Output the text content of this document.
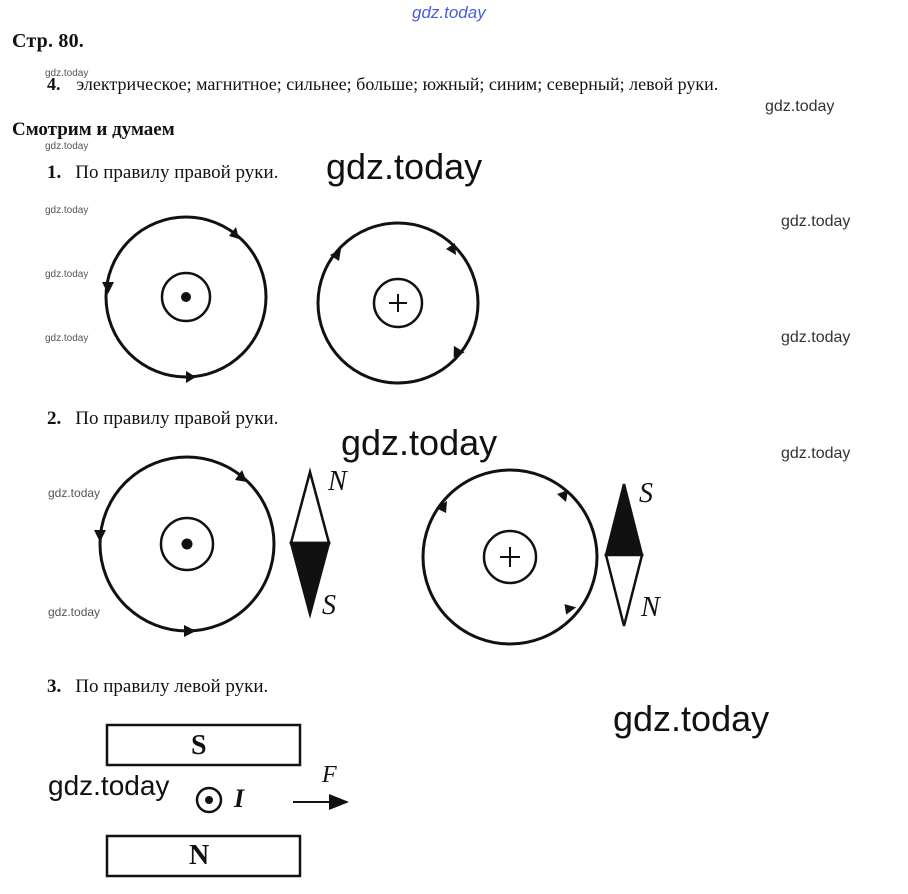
gdz.today
Стр. 80.
gdz.today
gdz.today
gdz.today
gdz.today
gdz.today
gdz.today
gdz.today
4. электрическое; магнитное; сильнее; больше; южный; синим; северный; левой руки.
gdz.today
gdz.today
gdz.today
gdz.today
Смотрим и думаем
1. По правилу правой руки. gdz.today
2. По правилу правой руки.
gdz.today
3. По правилу левой руки.
gdz.today
N
S
S
N
S
N
I
F
gdz.today
